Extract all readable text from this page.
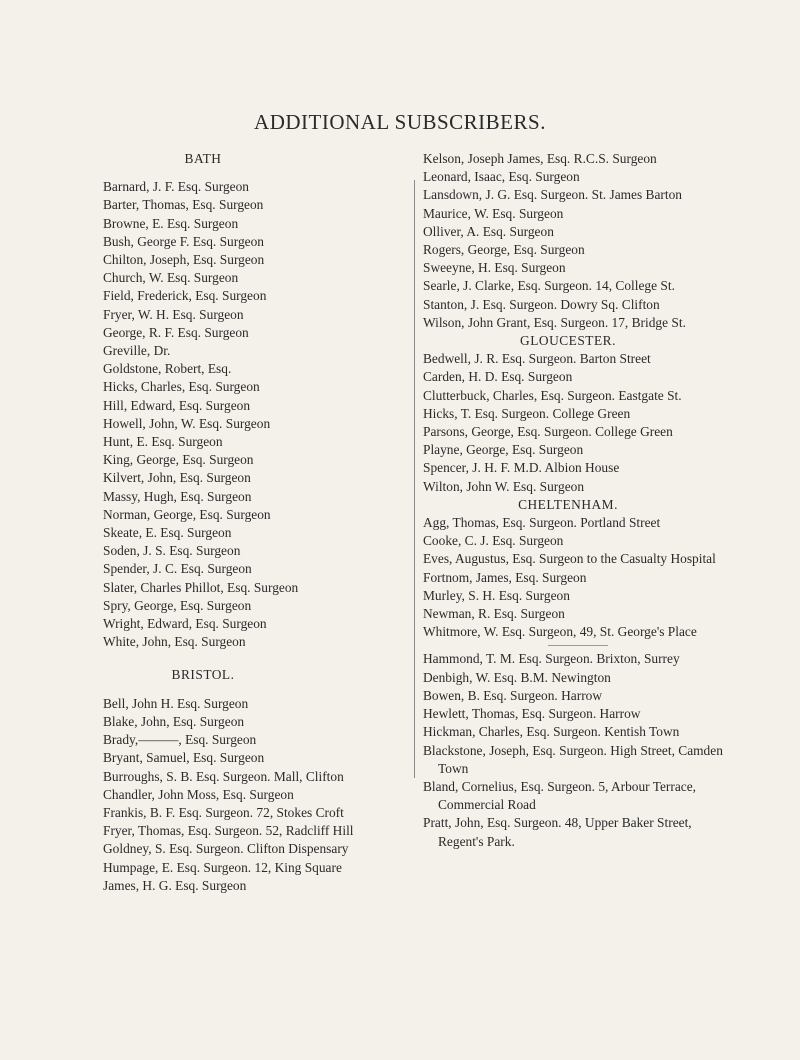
ADDITIONAL SUBSCRIBERS.
BATH
Barnard, J. F. Esq. Surgeon
Barter, Thomas, Esq. Surgeon
Browne, E. Esq. Surgeon
Bush, George F. Esq. Surgeon
Chilton, Joseph, Esq. Surgeon
Church, W. Esq. Surgeon
Field, Frederick, Esq. Surgeon
Fryer, W. H. Esq. Surgeon
George, R. F. Esq. Surgeon
Greville, Dr.
Goldstone, Robert, Esq.
Hicks, Charles, Esq. Surgeon
Hill, Edward, Esq. Surgeon
Howell, John, W. Esq. Surgeon
Hunt, E. Esq. Surgeon
King, George, Esq. Surgeon
Kilvert, John, Esq. Surgeon
Massy, Hugh, Esq. Surgeon
Norman, George, Esq. Surgeon
Skeate, E. Esq. Surgeon
Soden, J. S. Esq. Surgeon
Spender, J. C. Esq. Surgeon
Slater, Charles Phillot, Esq. Surgeon
Spry, George, Esq. Surgeon
Wright, Edward, Esq. Surgeon
White, John, Esq. Surgeon
BRISTOL.
Bell, John H. Esq. Surgeon
Blake, John, Esq. Surgeon
Brady,———, Esq. Surgeon
Bryant, Samuel, Esq. Surgeon
Burroughs, S. B. Esq. Surgeon. Mall, Clifton
Chandler, John Moss, Esq. Surgeon
Frankis, B. F. Esq. Surgeon. 72, Stokes Croft
Fryer, Thomas, Esq. Surgeon. 52, Radcliff Hill
Goldney, S. Esq. Surgeon. Clifton Dispensary
Humpage, E. Esq. Surgeon. 12, King Square
James, H. G. Esq. Surgeon
Kelson, Joseph James, Esq. R.C.S. Surgeon
Leonard, Isaac, Esq. Surgeon
Lansdown, J. G. Esq. Surgeon. St. James Barton
Maurice, W. Esq. Surgeon
Olliver, A. Esq. Surgeon
Rogers, George, Esq. Surgeon
Sweeyne, H. Esq. Surgeon
Searle, J. Clarke, Esq. Surgeon. 14, College St.
Stanton, J. Esq. Surgeon. Dowry Sq. Clifton
Wilson, John Grant, Esq. Surgeon. 17, Bridge St.
GLOUCESTER.
Bedwell, J. R. Esq. Surgeon. Barton Street
Carden, H. D. Esq. Surgeon
Clutterbuck, Charles, Esq. Surgeon. Eastgate St.
Hicks, T. Esq. Surgeon. College Green
Parsons, George, Esq. Surgeon. College Green
Playne, George, Esq. Surgeon
Spencer, J. H. F. M.D. Albion House
Wilton, John W. Esq. Surgeon
CHELTENHAM.
Agg, Thomas, Esq. Surgeon. Portland Street
Cooke, C. J. Esq. Surgeon
Eves, Augustus, Esq. Surgeon to the Casualty Hospital
Fortnom, James, Esq. Surgeon
Murley, S. H. Esq. Surgeon
Newman, R. Esq. Surgeon
Whitmore, W. Esq. Surgeon, 49, St. George's Place
Hammond, T. M. Esq. Surgeon. Brixton, Surrey
Denbigh, W. Esq. B.M. Newington
Bowen, B. Esq. Surgeon. Harrow
Hewlett, Thomas, Esq. Surgeon. Harrow
Hickman, Charles, Esq. Surgeon. Kentish Town
Blackstone, Joseph, Esq. Surgeon. High Street, Camden Town
Bland, Cornelius, Esq. Surgeon. 5, Arbour Terrace, Commercial Road
Pratt, John, Esq. Surgeon. 48, Upper Baker Street, Regent's Park.
